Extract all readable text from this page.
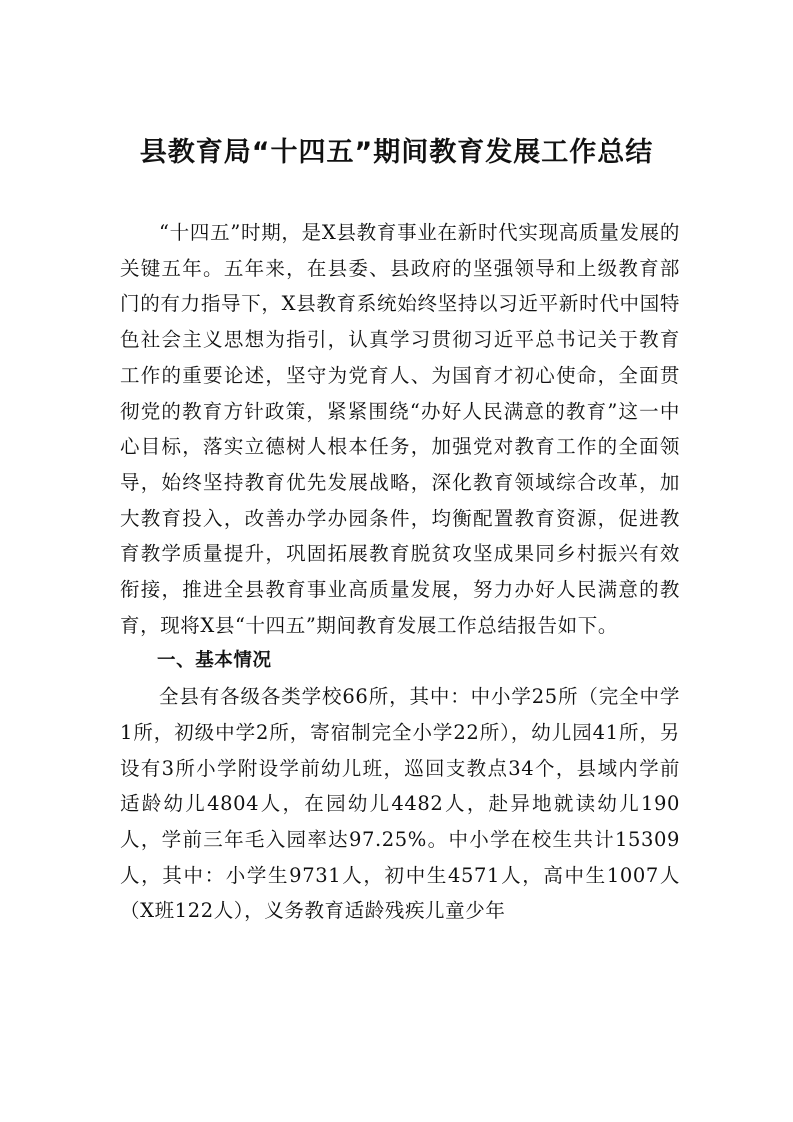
县教育局“十四五”期间教育发展工作总结

“十四五”时期，是X县教育事业在新时代实现高质量发展的关键五年。五年来，在县委、县政府的坚强领导和上级教育部门的有力指导下，X县教育系统始终坚持以习近平新时代中国特色社会主义思想为指引，认真学习贯彻习近平总书记关于教育工作的重要论述，坚守为党育人、为国育才初心使命，全面贯彻党的教育方针政策，紧紧围绕“办好人民满意的教育”这一中心目标，落实立德树人根本任务，加强党对教育工作的全面领导，始终坚持教育优先发展战略，深化教育领域综合改革，加大教育投入，改善办学办园条件，均衡配置教育资源，促进教育教学质量提升，巩固拓展教育脱贫攻坚成果同乡村振兴有效衔接，推进全县教育事业高质量发展，努力办好人民满意的教育，现将X县“十四五”期间教育发展工作总结报告如下。

一、基本情况

全县有各级各类学校66所，其中：中小学25所（完全中学1所，初级中学2所，寄宿制完全小学22所），幼儿园41所，另设有3所小学附设学前幼儿班，巡回支教点34个，县域内学前适龄幼儿4804人，在园幼儿4482人，赴异地就读幼儿190人，学前三年毛入园率达97.25%。中小学在校生共计15309人，其中：小学生9731人，初中生4571人，高中生1007人（X班122人），义务教育适龄残疾儿童少年
